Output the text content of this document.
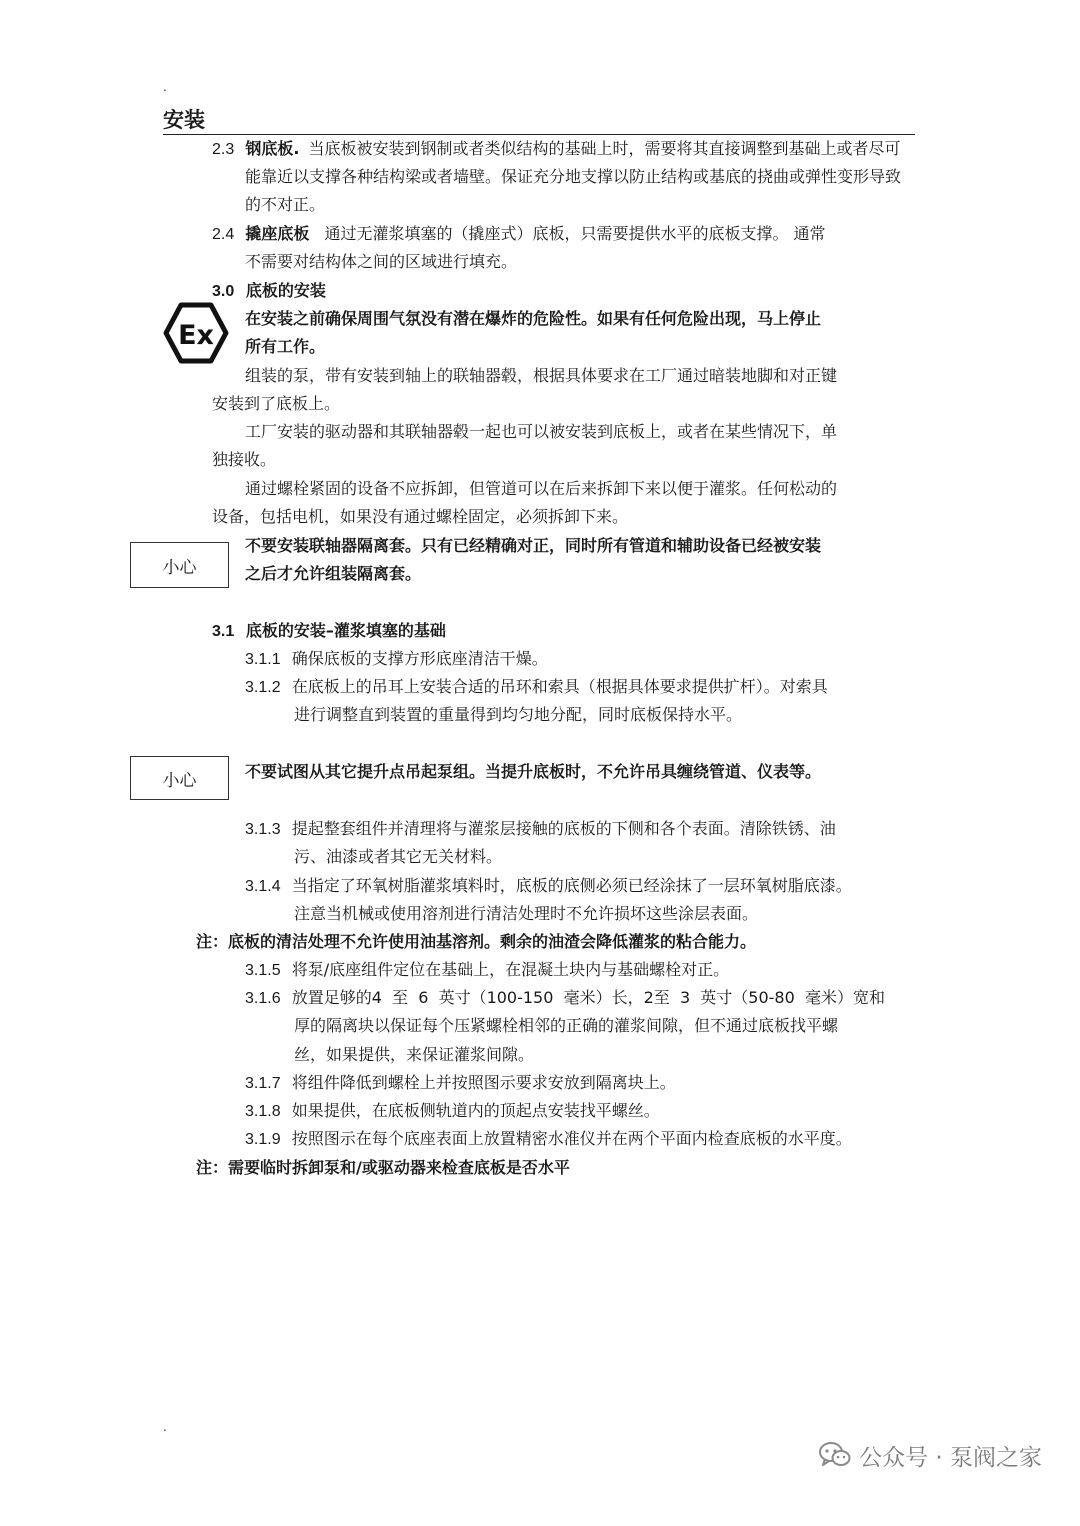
.
安装
2.3 钢底板. 当底板被安装到钢制或者类似结构的基础上时，需要将其直接调整到基础上或者尽可
能靠近以支撑各种结构梁或者墙壁。保证充分地支撑以防止结构或基底的挠曲或弹性变形导致
的不对正。
2.4 撬座底板 通过无灌浆填塞的（撬座式）底板，只需要提供水平的底板支撑。 通常
不需要对结构体之间的区域进行填充。
3.0 底板的安装
Ex
在安装之前确保周围气氛没有潜在爆炸的危险性。如果有任何危险出现，马上停止
所有工作。
组装的泵，带有安装到轴上的联轴器毂，根据具体要求在工厂通过暗装地脚和对正键
安装到了底板上。
工厂安装的驱动器和其联轴器毂一起也可以被安装到底板上，或者在某些情况下，单
独接收。
通过螺栓紧固的设备不应拆卸，但管道可以在后来拆卸下来以便于灌浆。任何松动的
设备，包括电机，如果没有通过螺栓固定，必须拆卸下来。
小心
不要安装联轴器隔离套。只有已经精确对正，同时所有管道和辅助设备已经被安装
之后才允许组装隔离套。
3.1 底板的安装–灌浆填塞的基础
3.1.1 确保底板的支撑方形底座清洁干燥。
3.1.2 在底板上的吊耳上安装合适的吊环和索具（根据具体要求提供扩杆）。对索具
进行调整直到装置的重量得到均匀地分配，同时底板保持水平。
小心	不要试图从其它提升点吊起泵组。当提升底板时，不允许吊具缠绕管道、仪表等。
3.1.3 提起整套组件并清理将与灌浆层接触的底板的下侧和各个表面。清除铁锈、油
污、油漆或者其它无关材料。
3.1.4 当指定了环氧树脂灌浆填料时，底板的底侧必须已经涂抹了一层环氧树脂底漆。
注意当机械或使用溶剂进行清洁处理时不允许损坏这些涂层表面。
注：底板的清洁处理不允许使用油基溶剂。剩余的油渣会降低灌浆的粘合能力。
3.1.5 将泵/底座组件定位在基础上，在混凝土块内与基础螺栓对正。
3.1.6 放置足够的4  至  6  英寸（100-150  毫米）长，2至  3  英寸（50-80  毫米）宽和
厚的隔离块以保证每个压紧螺栓相邻的正确的灌浆间隙，但不通过底板找平螺
丝，如果提供，来保证灌浆间隙。
3.1.7 将组件降低到螺栓上并按照图示要求安放到隔离块上。
3.1.8 如果提供，在底板侧轨道内的顶起点安装找平螺丝。
3.1.9 按照图示在每个底座表面上放置精密水准仪并在两个平面内检查底板的水平度。
注：需要临时拆卸泵和/或驱动器来检查底板是否水平
.
公众号 · 泵阀之家
